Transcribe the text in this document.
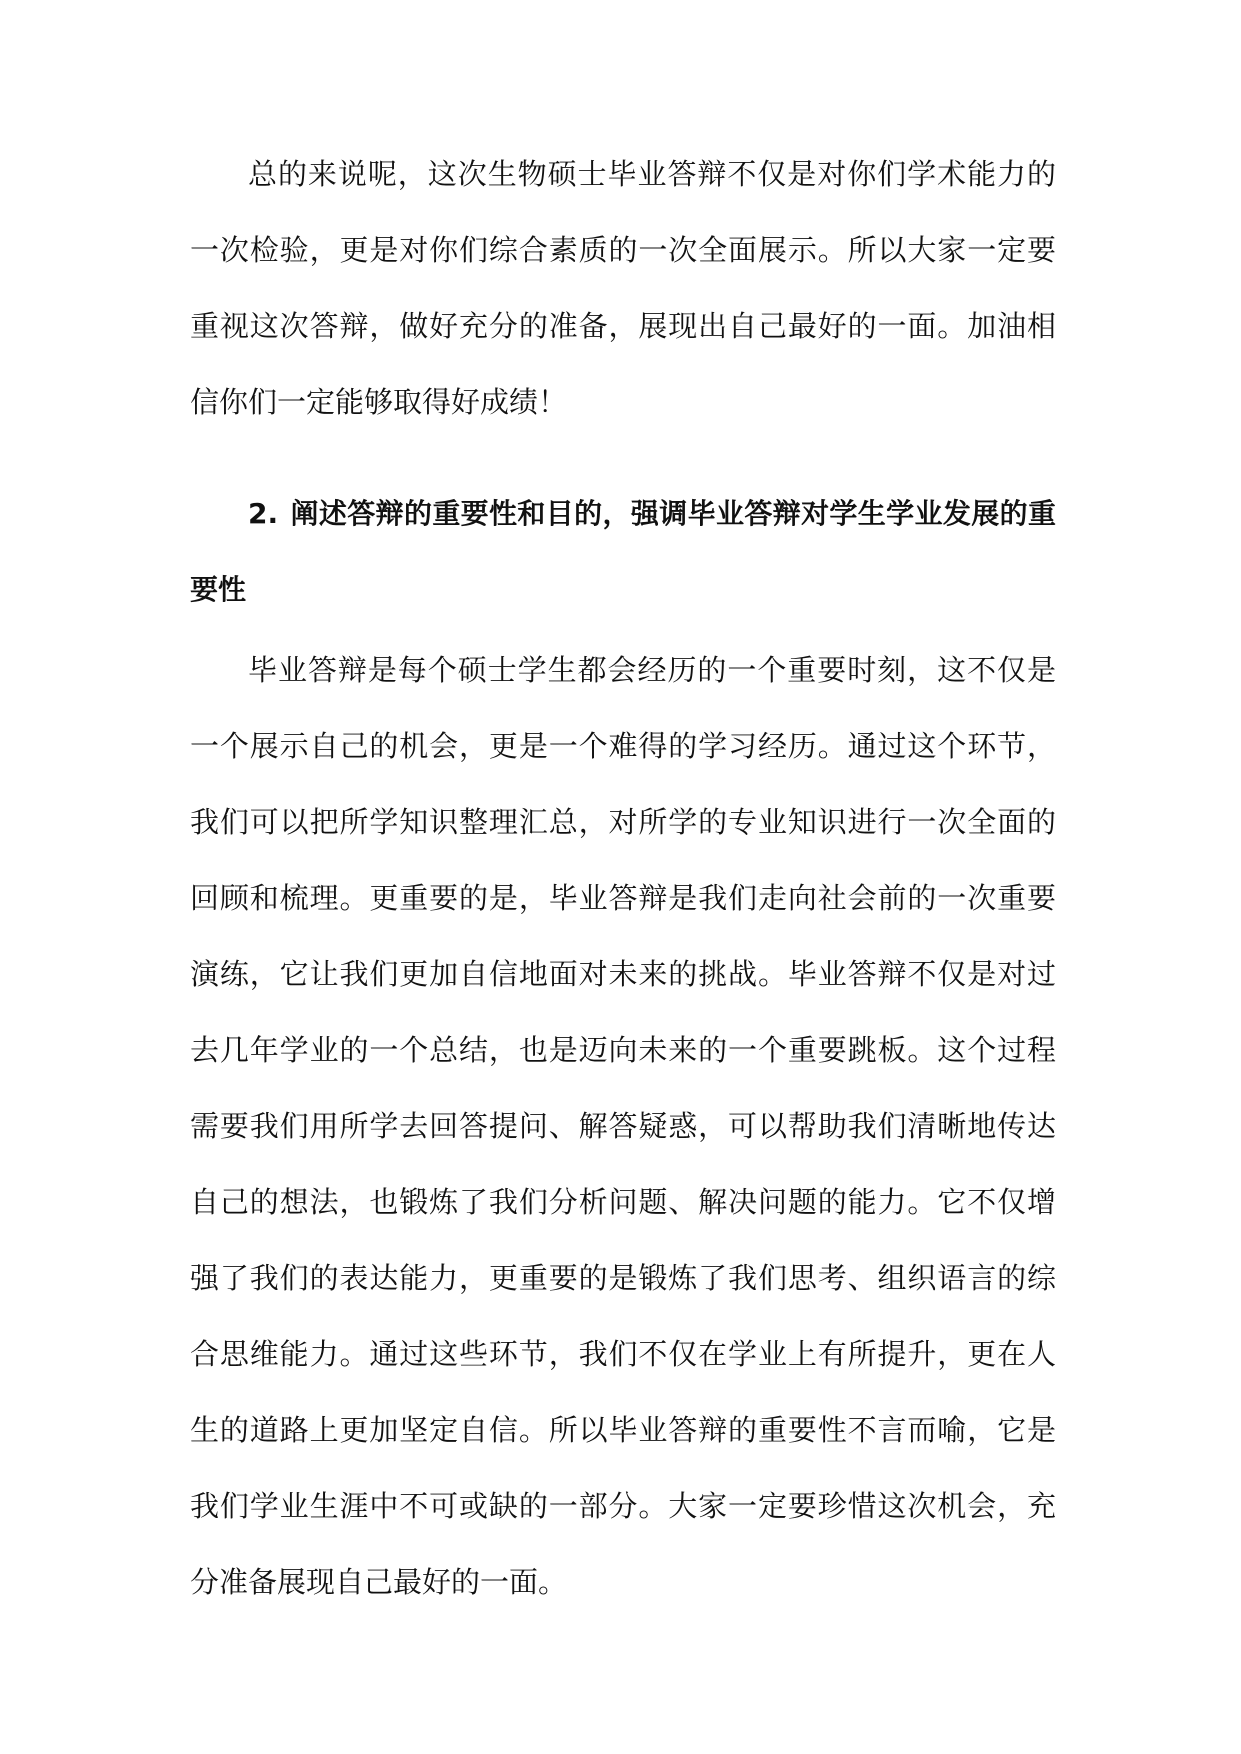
总的来说呢，这次生物硕士毕业答辩不仅是对你们学术能力的一次检验，更是对你们综合素质的一次全面展示。所以大家一定要重视这次答辩，做好充分的准备，展现出自己最好的一面。加油相信你们一定能够取得好成绩！

2. 阐述答辩的重要性和目的，强调毕业答辩对学生学业发展的重要性

毕业答辩是每个硕士学生都会经历的一个重要时刻，这不仅是一个展示自己的机会，更是一个难得的学习经历。通过这个环节，我们可以把所学知识整理汇总，对所学的专业知识进行一次全面的回顾和梳理。更重要的是，毕业答辩是我们走向社会前的一次重要演练，它让我们更加自信地面对未来的挑战。毕业答辩不仅是对过去几年学业的一个总结，也是迈向未来的一个重要跳板。这个过程需要我们用所学去回答提问、解答疑惑，可以帮助我们清晰地传达自己的想法，也锻炼了我们分析问题、解决问题的能力。它不仅增强了我们的表达能力，更重要的是锻炼了我们思考、组织语言的综合思维能力。通过这些环节，我们不仅在学业上有所提升，更在人生的道路上更加坚定自信。所以毕业答辩的重要性不言而喻，它是我们学业生涯中不可或缺的一部分。大家一定要珍惜这次机会，充分准备展现自己最好的一面。
